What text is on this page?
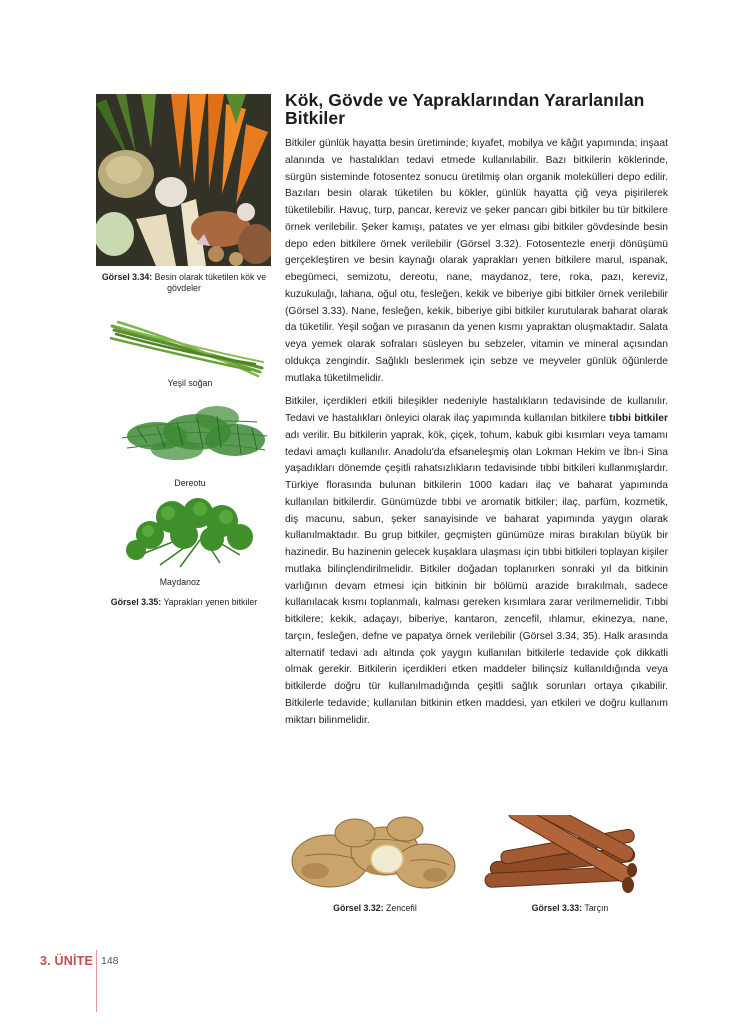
Kök, Gövde ve Yapraklarından Yararlanılan Bitkiler

Bitkiler günlük hayatta besin üretiminde; kıyafet, mobilya ve kâğıt yapımında; inşaat alanında ve hastalıkları tedavi etmede kullanılabilir. Bazı bitkilerin köklerinde, sürgün sisteminde fotosentez sonucu üretilmiş olan organik molekülleri depo edilir. Bazıları besin olarak tüketilen bu kökler, günlük hayatta çiğ veya pişirilerek tüketilebilir. Havuç, turp, pancar, kereviz ve şeker pancarı gibi bitkiler bu tür bitkilere örnek verilebilir. Şeker kamışı, patates ve yer elması gibi bitkiler gövdesinde besin depo eden bitkilere örnek verilebilir (Görsel 3.32). Fotosentezle enerji dönüşümü gerçekleştiren ve besin kaynağı olarak yaprakları yenen bitkilere marul, ıspanak, ebegümeci, semizotu, dereotu, nane, maydanoz, tere, roka, pazı, kereviz, kuzukulağı, lahana, oğul otu, fesleğen, kekik ve biberiye gibi bitkiler örnek verilebilir (Görsel 3.33). Nane, fesleğen, kekik, biberiye gibi bitkiler kurutularak baharat olarak da tüketilir. Yeşil soğan ve pırasanın da yenen kısmı yapraktan oluşmaktadır. Salata veya yemek olarak sofraları süsleyen bu sebzeler, vitamin ve mineral açısından oldukça zengindir. Sağlıklı beslenmek için sebze ve meyveler günlük öğünlerde mutlaka tüketilmelidir.

Bitkiler, içerdikleri etkili bileşikler nedeniyle hastalıkların tedavisinde de kullanılır. Tedavi ve hastalıkları önleyici olarak ilaç yapımında kullanılan bitkilere tıbbi bitkiler adı verilir. Bu bitkilerin yaprak, kök, çiçek, tohum, kabuk gibi kısımları veya tamamı tedavi amaçlı kullanılır. Anadolu'da efsaneleşmiş olan Lokman Hekim ve İbn-i Sina yaşadıkları dönemde çeşitli rahatsızlıkların tedavisinde tıbbi bitkileri kullanmışlardır. Türkiye florasında bulunan bitkilerin 1000 kadarı ilaç ve baharat yapımında kullanılan bitkilerdir. Günümüzde tıbbi ve aromatik bitkiler; ilaç, parfüm, kozmetik, diş macunu, sabun, şeker sanayisinde ve baharat yapımında yaygın olarak kullanılmaktadır. Bu grup bitkiler, geçmişten günümüze miras bırakılan büyük bir hazinedir. Bu hazinenin gelecek kuşaklara ulaşması için tıbbi bitkileri toplayan kişiler mutlaka bilinçlendirilmelidir. Bitkiler doğadan toplanırken sonraki yıl da bitkinin varlığının devam etmesi için bitkinin bir bölümü arazide bırakılmalı, sadece kullanılacak kısmı toplanmalı, kalması gereken kısımlara zarar verilmemelidir. Tıbbi bitkilere; kekik, adaçayı, biberiye, kantaron, zencefil, ıhlamur, ekinezya, nane, tarçın, fesleğen, defne ve papatya örnek verilebilir (Görsel 3.34, 35). Halk arasında alternatif tedavi adı altında çok yaygın kullanılan bitkilerle tedavide çok dikkatli olmak gerekir. Bitkilerin içerdikleri etken maddeler bilinçsiz kullanıldığında veya bitkilerde doğru tür kullanılmadığında çeşitli sağlık sorunları ortaya çıkabilir. Bitkilerle tedavide; kullanılan bitkinin etken maddesi, yan etkileri ve doğru kullanım miktarı bilinmelidir.

Görsel 3.34: Besin olarak tüketilen kök ve gövdeler
Yeşil soğan
Dereotu
Maydanoz
Görsel 3.35: Yaprakları yenen bitkiler
Görsel 3.32: Zencefil	Görsel 3.33: Tarçın
3. ÜNİTE 148
